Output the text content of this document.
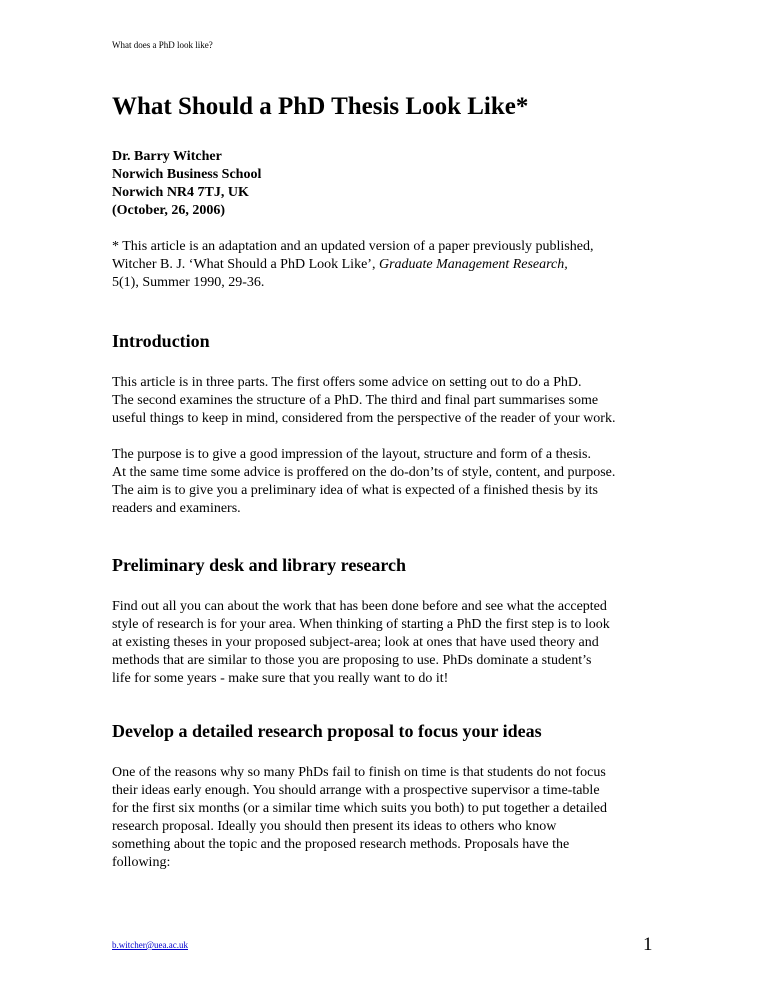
What does a PhD look like?
What Should a PhD Thesis Look Like*
Dr. Barry Witcher
Norwich Business School
Norwich NR4 7TJ, UK
(October, 26, 2006)
* This article is an adaptation and an updated version of a paper previously published,
Witcher B. J. ‘What Should a PhD Look Like’, Graduate Management Research,
5(1), Summer 1990, 29-36.
Introduction
This article is in three parts. The first offers some advice on setting out to do a PhD.
The second examines the structure of a PhD. The third and final part summarises some
useful things to keep in mind, considered from the perspective of the reader of your work.
The purpose is to give a good impression of the layout, structure and form of a thesis.
At the same time some advice is proffered on the do-don’ts of style, content, and purpose.
The aim is to give you a preliminary idea of what is expected of a finished thesis by its
readers and examiners.
Preliminary desk and library research
Find out all you can about the work that has been done before and see what the accepted
style of research is for your area. When thinking of starting a PhD the first step is to look
at existing theses in your proposed subject-area; look at ones that have used theory and
methods that are similar to those you are proposing to use. PhDs dominate a student’s
life for some years - make sure that you really want to do it!
Develop a detailed research proposal to focus your ideas
One of the reasons why so many PhDs fail to finish on time is that students do not focus
their ideas early enough. You should arrange with a prospective supervisor a time-table
for the first six months (or a similar time which suits you both) to put together a detailed
research proposal. Ideally you should then present its ideas to others who know
something about the topic and the proposed research methods. Proposals have the
following:
b.witcher@uea.ac.uk	1
